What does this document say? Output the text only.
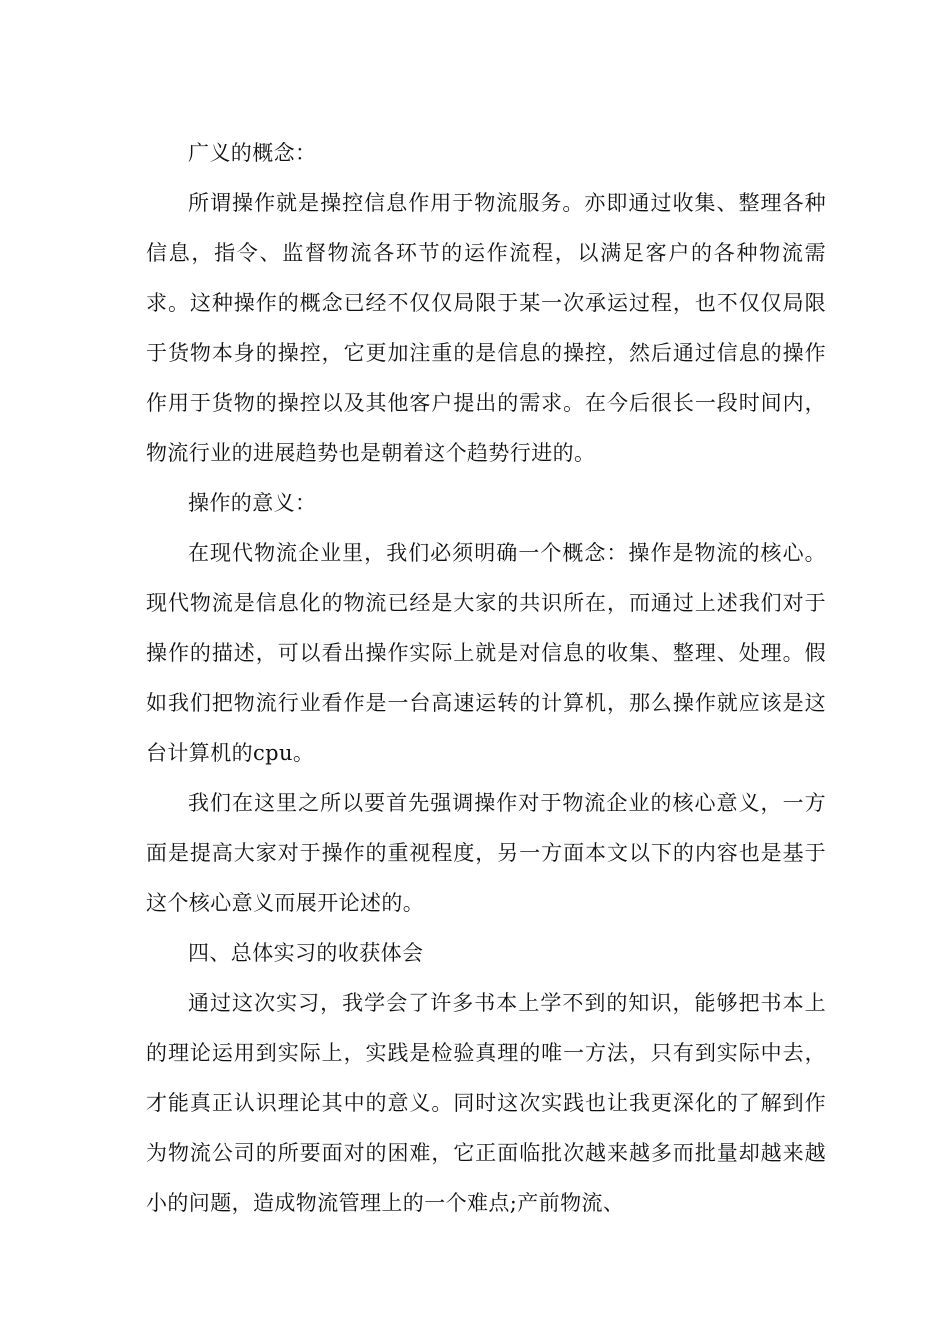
广义的概念：

所谓操作就是操控信息作用于物流服务。亦即通过收集、整理各种信息，指令、监督物流各环节的运作流程，以满足客户的各种物流需求。这种操作的概念已经不仅仅局限于某一次承运过程，也不仅仅局限于货物本身的操控，它更加注重的是信息的操控，然后通过信息的操作作用于货物的操控以及其他客户提出的需求。在今后很长一段时间内，物流行业的进展趋势也是朝着这个趋势行进的。

操作的意义：

在现代物流企业里，我们必须明确一个概念：操作是物流的核心。现代物流是信息化的物流已经是大家的共识所在，而通过上述我们对于操作的描述，可以看出操作实际上就是对信息的收集、整理、处理。假如我们把物流行业看作是一台高速运转的计算机，那么操作就应该是这台计算机的cpu。

我们在这里之所以要首先强调操作对于物流企业的核心意义，一方面是提高大家对于操作的重视程度，另一方面本文以下的内容也是基于这个核心意义而展开论述的。

四、总体实习的收获体会

通过这次实习，我学会了许多书本上学不到的知识，能够把书本上的理论运用到实际上，实践是检验真理的唯一方法，只有到实际中去，才能真正认识理论其中的意义。同时这次实践也让我更深化的了解到作为物流公司的所要面对的困难，它正面临批次越来越多而批量却越来越小的问题，造成物流管理上的一个难点;产前物流、
